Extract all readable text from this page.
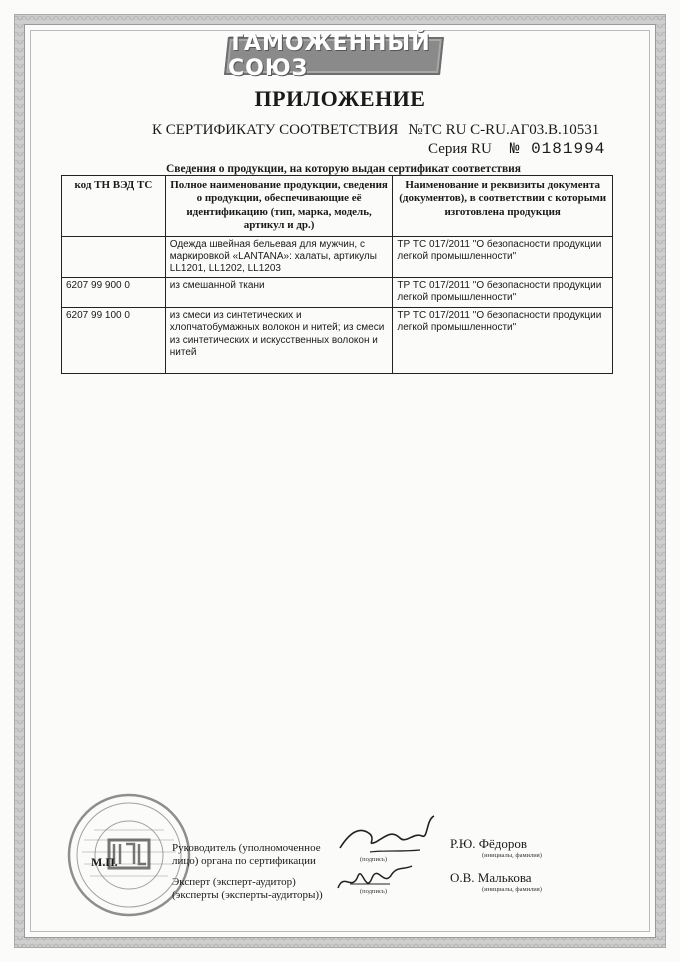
ТАМОЖЕННЫЙ СОЮЗ
ПРИЛОЖЕНИЕ
К СЕРТИФИКАТУ СООТВЕТСТВИЯ №ТС RU C-RU.АГ03.В.10531
Серия RU № 0181994
Сведения о продукции, на которую выдан сертификат соответствия
код ТН ВЭД ТС	Полное наименование продукции, сведения о продукции, обеспечивающие её идентификацию (тип, марка, модель, артикул и др.)	Наименование и реквизиты документа (документов), в соответствии с которыми изготовлена продукция
	Одежда швейная бельевая для мужчин, с маркировкой «LANTANA»: халаты, артикулы LL1201, LL1202, LL1203	ТР ТС 017/2011 "О безопасности продукции легкой промышленности"
6207 99 900 0	из смешанной ткани	ТР ТС 017/2011 "О безопасности продукции легкой промышленности"
6207 99 100 0	из смеси из синтетических и хлопчатобумажных волокон и нитей; из смеси из синтетических и искусственных волокон и нитей	ТР ТС 017/2011 "О безопасности продукции легкой промышленности"
М.П.
Руководитель (уполномоченное
лицо) органа по сертификации	(подпись)
Р.Ю. Фёдоров
(инициалы, фамилия)
Эксперт (эксперт-аудитор)
(эксперты (эксперты-аудиторы))	(подпись)
О.В. Малькова
(инициалы, фамилия)
